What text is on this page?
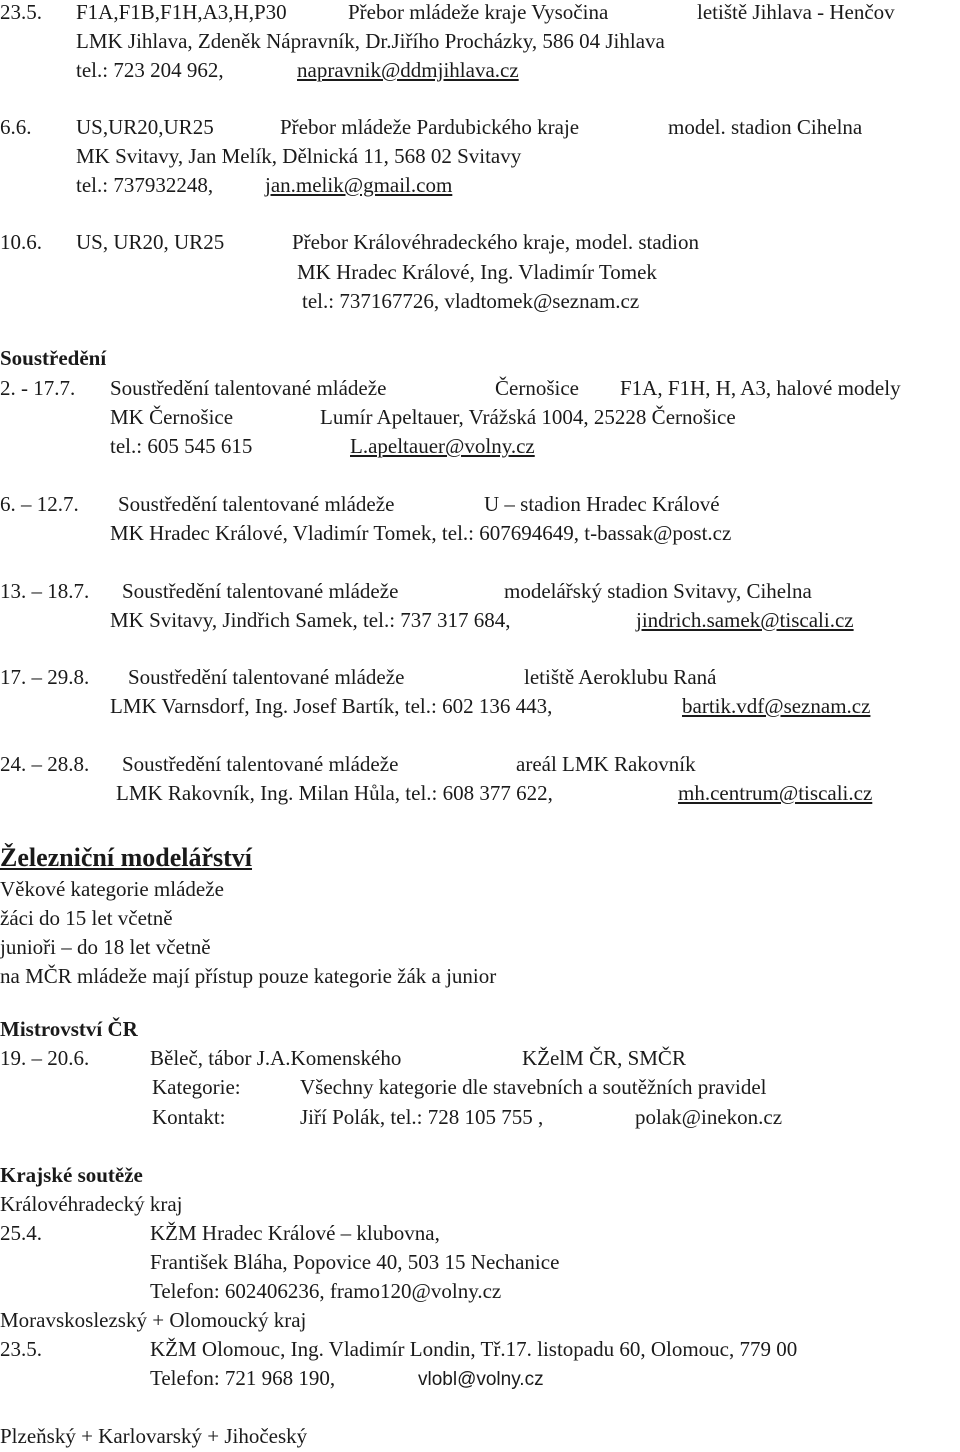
23.5. F1A,F1B,F1H,A3,H,P30	Přebor mládeže kraje Vysočina	letiště Jihlava - Henčov
LMK Jihlava, Zdeněk Nápravník, Dr.Jiřího Procházky, 586 04 Jihlava
tel.: 723 204 962,	napravnik@ddmjihlava.cz
6.6. US,UR20,UR25	Přebor mládeže Pardubického kraje	model. stadion Cihelna
MK Svitavy, Jan Melík, Dělnická 11, 568 02 Svitavy
tel.: 737932248, jan.melik@gmail.com
10.6. US, UR20, UR25	Přebor Královéhradeckého kraje, model. stadion
MK Hradec Králové, Ing. Vladimír Tomek
tel.: 737167726, vladtomek@seznam.cz
Soustředění
2. - 17.7. Soustředění talentované mládeže	Černošice F1A, F1H, H, A3, halové modely
MK Černošice	Lumír Apeltauer, Vrážská 1004, 25228 Černošice
tel.: 605 545 615	L.apeltauer@volny.cz
6. – 12.7. Soustředění talentované mládeže	U – stadion Hradec Králové
MK Hradec Králové, Vladimír Tomek, tel.: 607694649, t-bassak@post.cz
13. – 18.7. Soustředění talentované mládeže	modelářský stadion Svitavy, Cihelna
MK Svitavy, Jindřich Samek, tel.: 737 317 684,	jindrich.samek@tiscali.cz
17. – 29.8. Soustředění talentované mládeže	letiště Aeroklubu Raná
LMK Varnsdorf, Ing. Josef Bartík, tel.: 602 136 443,	bartik.vdf@seznam.cz
24. – 28.8. Soustředění talentované mládeže	areál LMK Rakovník
LMK Rakovník, Ing. Milan Hůla, tel.: 608 377 622,	mh.centrum@tiscali.cz
Železniční modelářství
Věkové kategorie mládeže
žáci do 15 let včetně
junioři – do 18 let včetně
na MČR mládeže mají přístup pouze kategorie žák a junior
Mistrovství ČR
19. – 20.6.	Běleč, tábor J.A.Komenského	KŽelM ČR, SMČR
Kategorie:	Všechny kategorie dle stavebních a soutěžních pravidel
Kontakt:	Jiří Polák, tel.: 728 105 755 ,	polak@inekon.cz
Krajské soutěže
Královéhradecký kraj
25.4.	KŽM Hradec Králové – klubovna,
František Bláha, Popovice 40, 503 15 Nechanice
Telefon: 602406236, framo120@volny.cz
Moravskoslezský + Olomoucký kraj
23.5.	KŽM Olomouc, Ing. Vladimír Londin, Tř.17. listopadu 60, Olomouc, 779 00
Telefon: 721 968 190,	vlobl@volny.cz
Plzeňský + Karlovarský + Jihočeský
